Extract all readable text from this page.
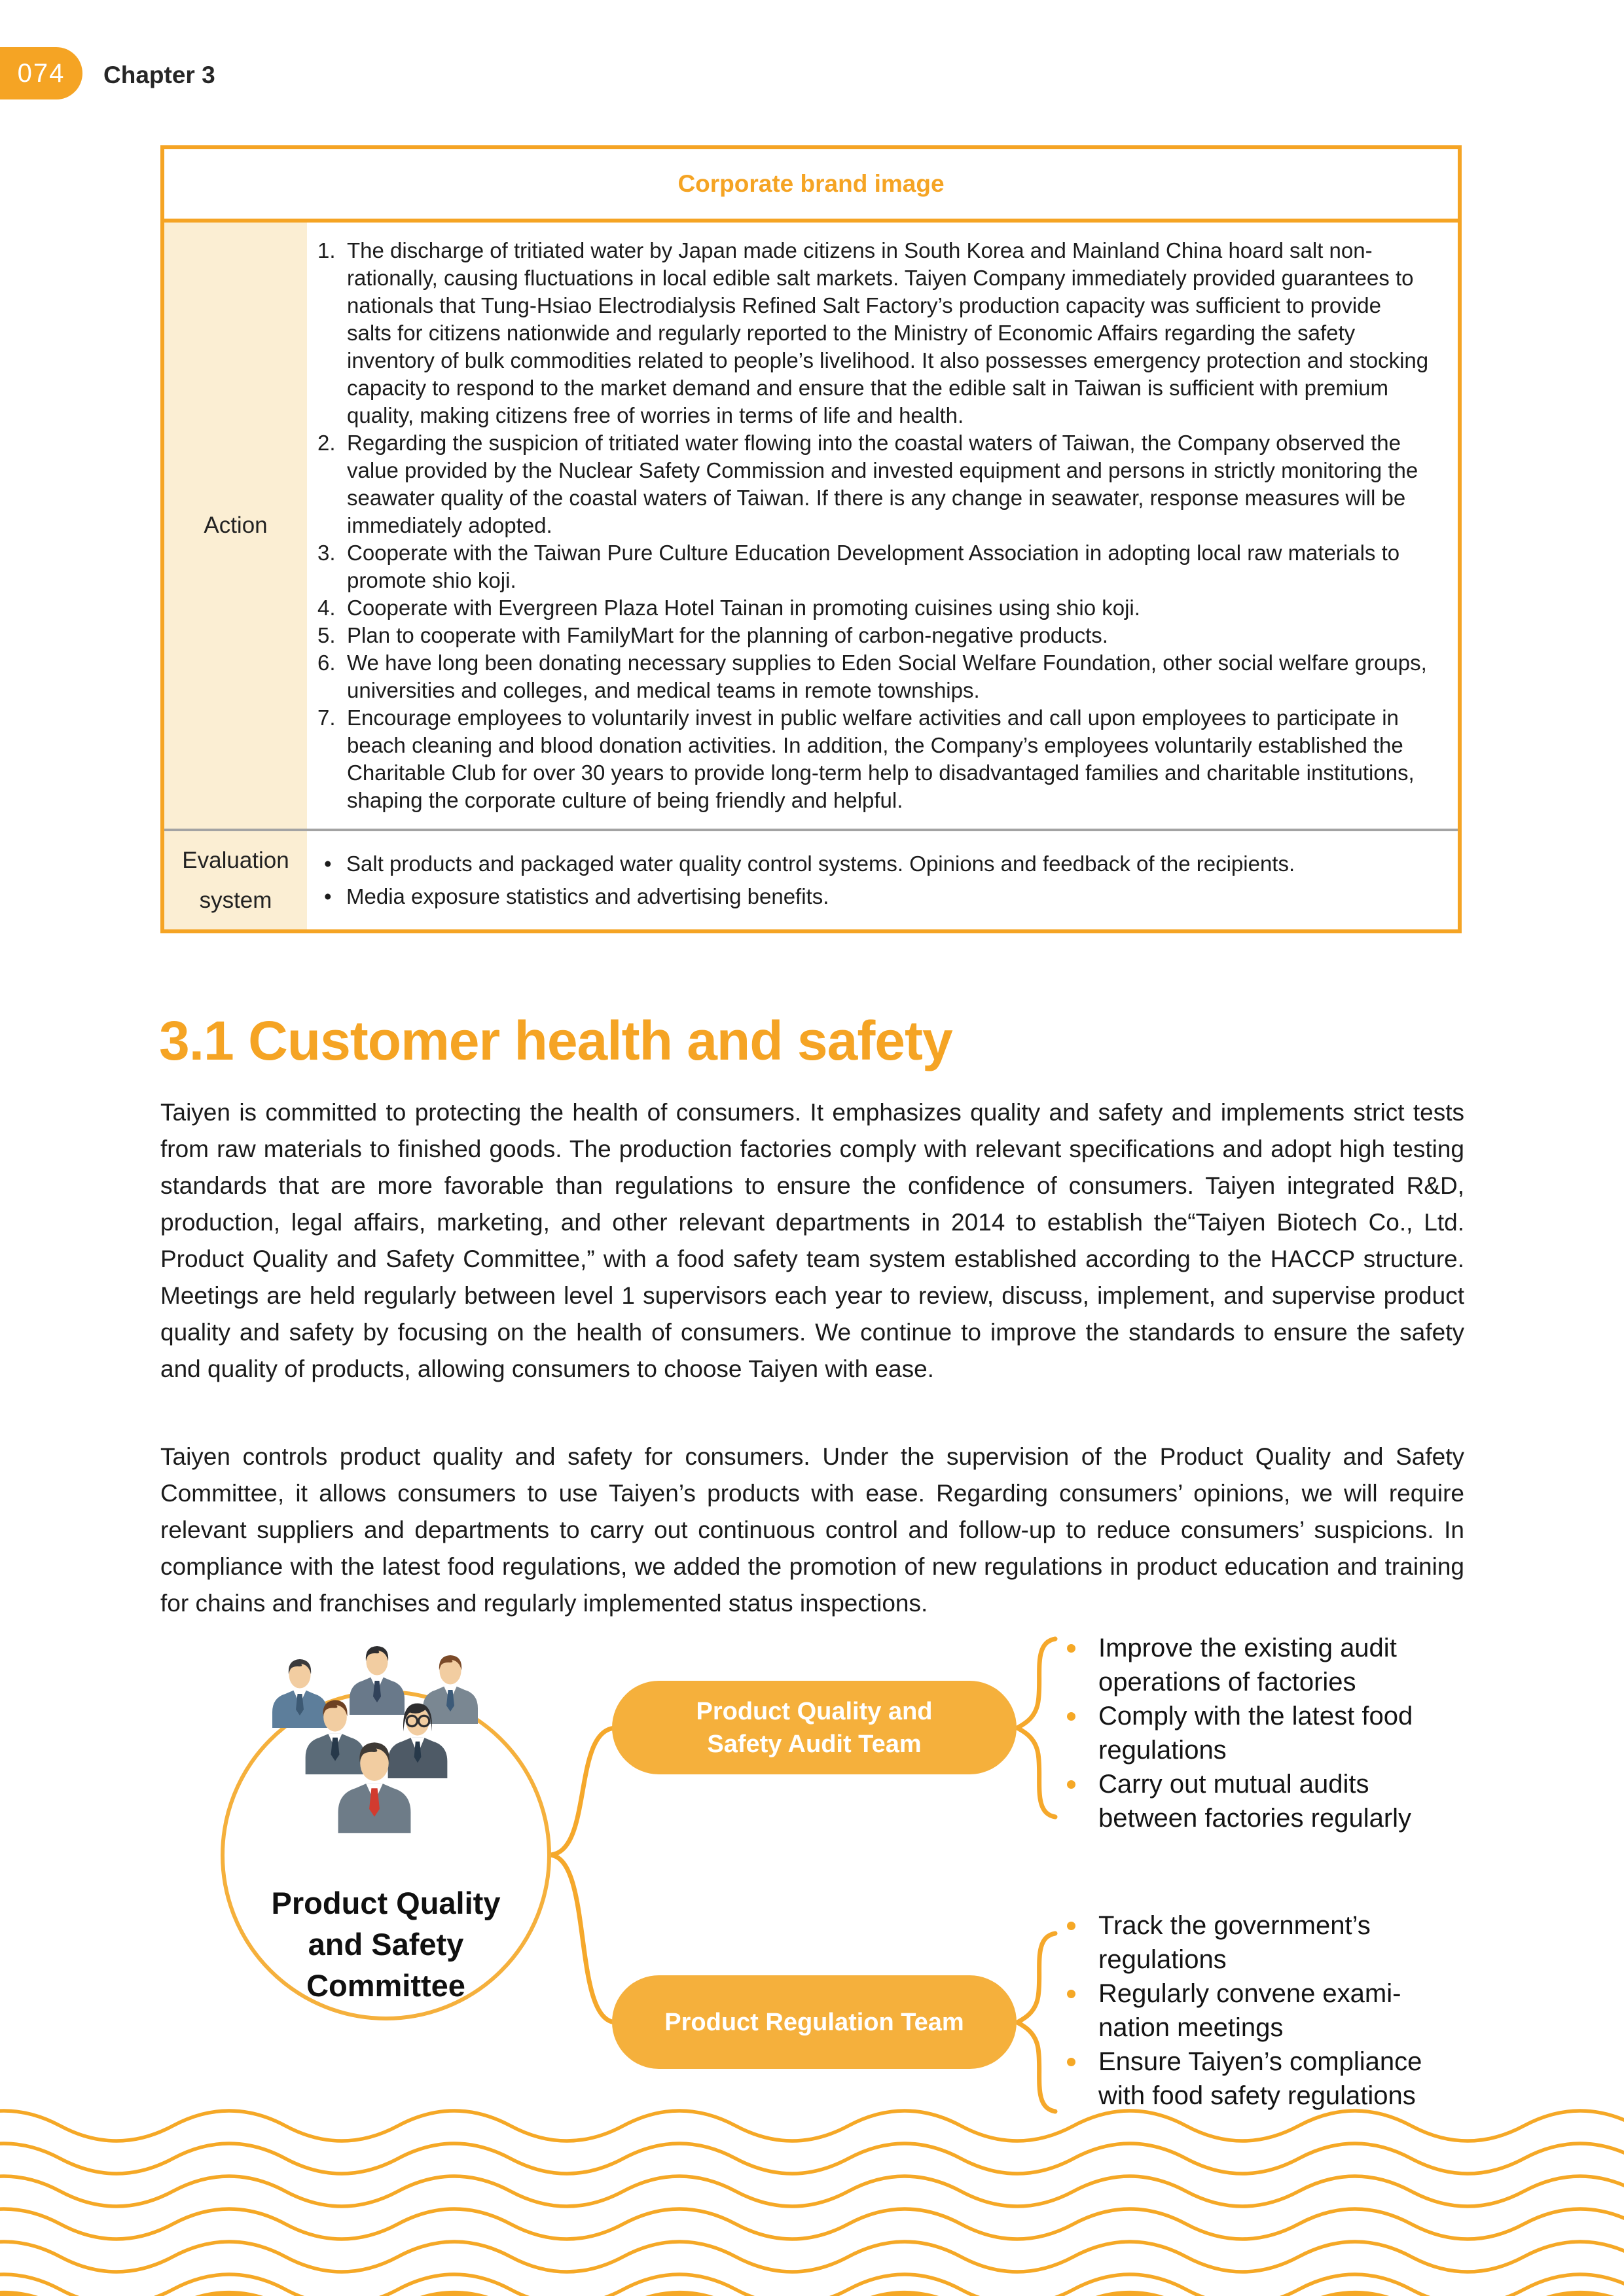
074 Chapter 3
Corporate brand image
Action
The discharge of tritiated water by Japan made citizens in South Korea and Mainland China hoard salt non-rationally, causing fluctuations in local edible salt markets. Taiyen Company immediately provided guarantees to nationals that Tung-Hsiao Electrodialysis Refined Salt Factory’s production capacity was sufficient to provide salts for citizens nationwide and regularly reported to the Ministry of Economic Affairs regarding the safety inventory of bulk commodities related to people’s livelihood. It also possesses emergency protection and stocking capacity to respond to the market demand and ensure that the edible salt in Taiwan is sufficient with premium quality, making citizens free of worries in terms of life and health.
Regarding the suspicion of tritiated water flowing into the coastal waters of Taiwan, the Company observed the value provided by the Nuclear Safety Commission and invested equipment and persons in strictly monitoring the seawater quality of the coastal waters of Taiwan. If there is any change in seawater, response measures will be immediately adopted.
Cooperate with the Taiwan Pure Culture Education Development Association in adopting local raw materials to promote shio koji.
Cooperate with Evergreen Plaza Hotel Tainan in promoting cuisines using shio koji.
Plan to cooperate with FamilyMart for the planning of carbon-negative products.
We have long been donating necessary supplies to Eden Social Welfare Foundation, other social welfare groups, universities and colleges, and medical teams in remote townships.
Encourage employees to voluntarily invest in public welfare activities and call upon employees to participate in beach cleaning and blood donation activities. In addition, the Company’s employees voluntarily established the Charitable Club for over 30 years to provide long-term help to disadvantaged families and charitable institutions, shaping the corporate culture of being friendly and helpful.
Evaluation system
• Salt products and packaged water quality control systems. Opinions and feedback of the recipients.
• Media exposure statistics and advertising benefits.
3.1 Customer health and safety

Taiyen is committed to protecting the health of consumers. It emphasizes quality and safety and implements strict tests from raw materials to finished goods. The production factories comply with relevant specifications and adopt high testing standards that are more favorable than regulations to ensure the confidence of consumers. Taiyen integrated R&D, production, legal affairs, marketing, and other relevant departments in 2014 to establish the“Taiyen Biotech Co., Ltd. Product Quality and Safety Committee,” with a food safety team system established according to the HACCP structure. Meetings are held regularly between level 1 supervisors each year to review, discuss, implement, and supervise product quality and safety by focusing on the health of consumers. We continue to improve the standards to ensure the safety and quality of products, allowing consumers to choose Taiyen with ease.

Taiyen controls product quality and safety for consumers. Under the supervision of the Product Quality and Safety Committee, it allows consumers to use Taiyen’s products with ease. Regarding consumers’ opinions, we will require relevant suppliers and departments to carry out continuous control and follow-up to reduce consumers’ suspicions. In compliance with the latest food regulations, we added the promotion of new regulations in product education and training for chains and franchises and regularly implemented status inspections.

Product Quality and Safety Committee
Product Quality and Safety Audit Team
Product Regulation Team
Improve the existing audit operations of factories
Comply with the latest food regulations
Carry out mutual audits between factories regularly
Track the government’s regulations
Regularly convene exami-nation meetings
Ensure Taiyen’s compliance with food safety regulations
